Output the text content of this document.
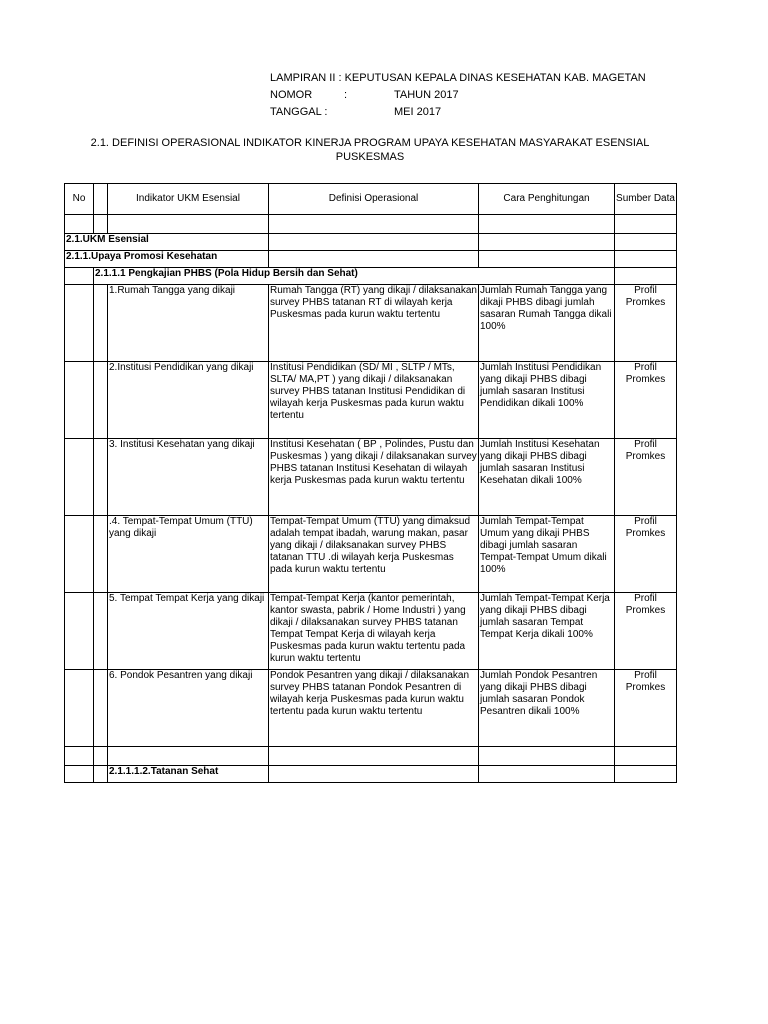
LAMPIRAN II : KEPUTUSAN KEPALA DINAS KESEHATAN KAB. MAGETAN
NOMOR	:	TAHUN 2017
TANGGAL :	MEI 2017
2.1. DEFINISI OPERASIONAL INDIKATOR KINERJA PROGRAM UPAYA KESEHATAN MASYARAKAT ESENSIAL
PUSKESMAS
No		Indikator UKM Esensial	Definisi Operasional	Cara Penghitungan	Sumber Data

2.1.UKM Esensial					
2.1.1.Upaya Promosi Kesehatan					
	2.1.1.1 Pengkajian PHBS (Pola Hidup Bersih dan Sehat)				
		1.Rumah Tangga yang dikaji	Rumah Tangga (RT) yang dikaji / dilaksanakan survey PHBS tatanan RT di wilayah kerja Puskesmas pada kurun waktu tertentu	Jumlah Rumah Tangga yang dikaji PHBS dibagi jumlah sasaran Rumah Tangga dikali 100%	Profil Promkes
		2.Institusi Pendidikan yang dikaji	Institusi Pendidikan (SD/ MI , SLTP / MTs, SLTA/ MA,PT ) yang dikaji / dilaksanakan survey PHBS tatanan Institusi Pendidikan di wilayah kerja Puskesmas pada kurun waktu tertentu	Jumlah Institusi Pendidikan yang dikaji PHBS dibagi jumlah sasaran Institusi Pendidikan dikali 100%	Profil Promkes
		3. Institusi Kesehatan yang dikaji	Institusi Kesehatan ( BP , Polindes, Pustu dan Puskesmas ) yang dikaji / dilaksanakan survey PHBS tatanan Institusi Kesehatan di wilayah kerja Puskesmas pada kurun waktu tertentu	Jumlah Institusi Kesehatan yang dikaji PHBS dibagi jumlah sasaran Institusi Kesehatan dikali 100%	Profil Promkes
		.4. Tempat-Tempat Umum (TTU) yang dikaji	Tempat-Tempat Umum (TTU) yang dimaksud adalah tempat ibadah, warung makan, pasar yang dikaji / dilaksanakan survey PHBS tatanan TTU .di wilayah kerja Puskesmas pada kurun waktu tertentu	Jumlah Tempat-Tempat Umum yang dikaji PHBS dibagi jumlah sasaran Tempat-Tempat Umum dikali 100%	Profil Promkes
		5. Tempat Tempat Kerja yang dikaji	Tempat-Tempat Kerja (kantor pemerintah, kantor swasta, pabrik / Home Industri ) yang dikaji / dilaksanakan survey PHBS tatanan Tempat Tempat Kerja di wilayah kerja Puskesmas pada kurun waktu tertentu pada kurun waktu tertentu	Jumlah Tempat-Tempat Kerja yang dikaji PHBS dibagi jumlah sasaran Tempat Tempat Kerja dikali 100%	Profil Promkes
		6. Pondok Pesantren yang dikaji	Pondok Pesantren yang dikaji / dilaksanakan survey PHBS tatanan Pondok Pesantren di wilayah kerja Puskesmas pada kurun waktu tertentu pada kurun waktu tertentu	Jumlah Pondok Pesantren yang dikaji PHBS dibagi jumlah sasaran Pondok Pesantren dikali 100%	Profil Promkes

		2.1.1.1.2.Tatanan Sehat			
